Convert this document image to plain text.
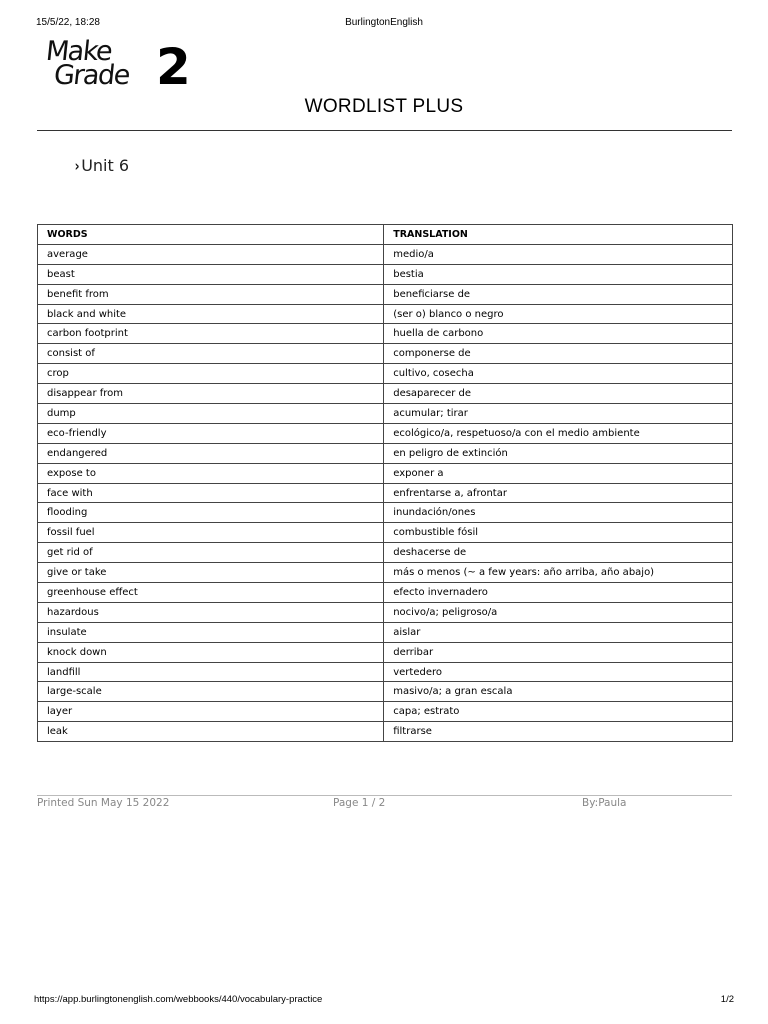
15/5/22, 18:28	BurlingtonEnglish
Make
Grade 2
WORDLIST PLUS
› Unit 6
WORDS	TRANSLATION
average	medio/a
beast	bestia
benefit from	beneficiarse de
black and white	(ser o) blanco o negro
carbon footprint	huella de carbono
consist of	componerse de
crop	cultivo, cosecha
disappear from	desaparecer de
dump	acumular; tirar
eco-friendly	ecológico/a, respetuoso/a con el medio ambiente
endangered	en peligro de extinción
expose to	exponer a
face with	enfrentarse a, afrontar
flooding	inundación/ones
fossil fuel	combustible fósil
get rid of	deshacerse de
give or take	más o menos (~ a few years: año arriba, año abajo)
greenhouse effect	efecto invernadero
hazardous	nocivo/a; peligroso/a
insulate	aislar
knock down	derribar
landfill	vertedero
large-scale	masivo/a; a gran escala
layer	capa; estrato
leak	filtrarse
Printed Sun May 15 2022	Page 1 / 2	By:Paula
https://app.burlingtonenglish.com/webbooks/440/vocabulary-practice	1/2
